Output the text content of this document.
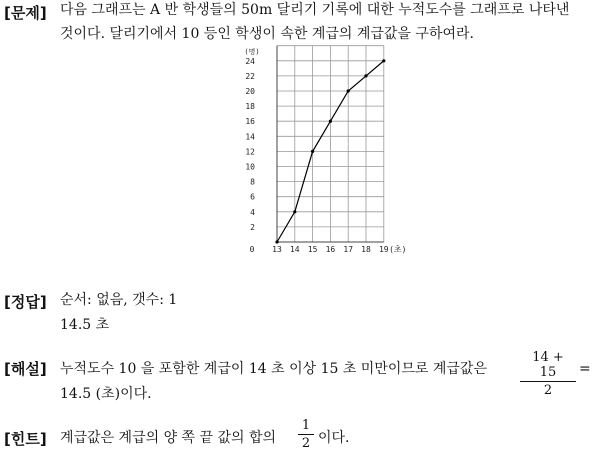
[문제] 다음 그래프는 A 반 학생들의 50m 달리기 기록에 대한 누적도수를 그래프로 나타낸
것이다. 달리기에서 10 등인 학생이 속한 계급의 계급값을 구하여라.
2
4
6
8
10
12
14
16
18
20
22
24
(명)
0 13 14 15 16 17 18 19 (초)
[정답] 순서: 없음, 갯수: 1
14.5 초
[해설] 누적도수 10 을 포함한 계급이 14 초 이상 15 초 미만이므로 계급값은
14 + 15
2
=
14.5 (초)이다.
[힌트] 계급값은 계급의 양 쪽 끝 값의 합의
1
2 이다.
